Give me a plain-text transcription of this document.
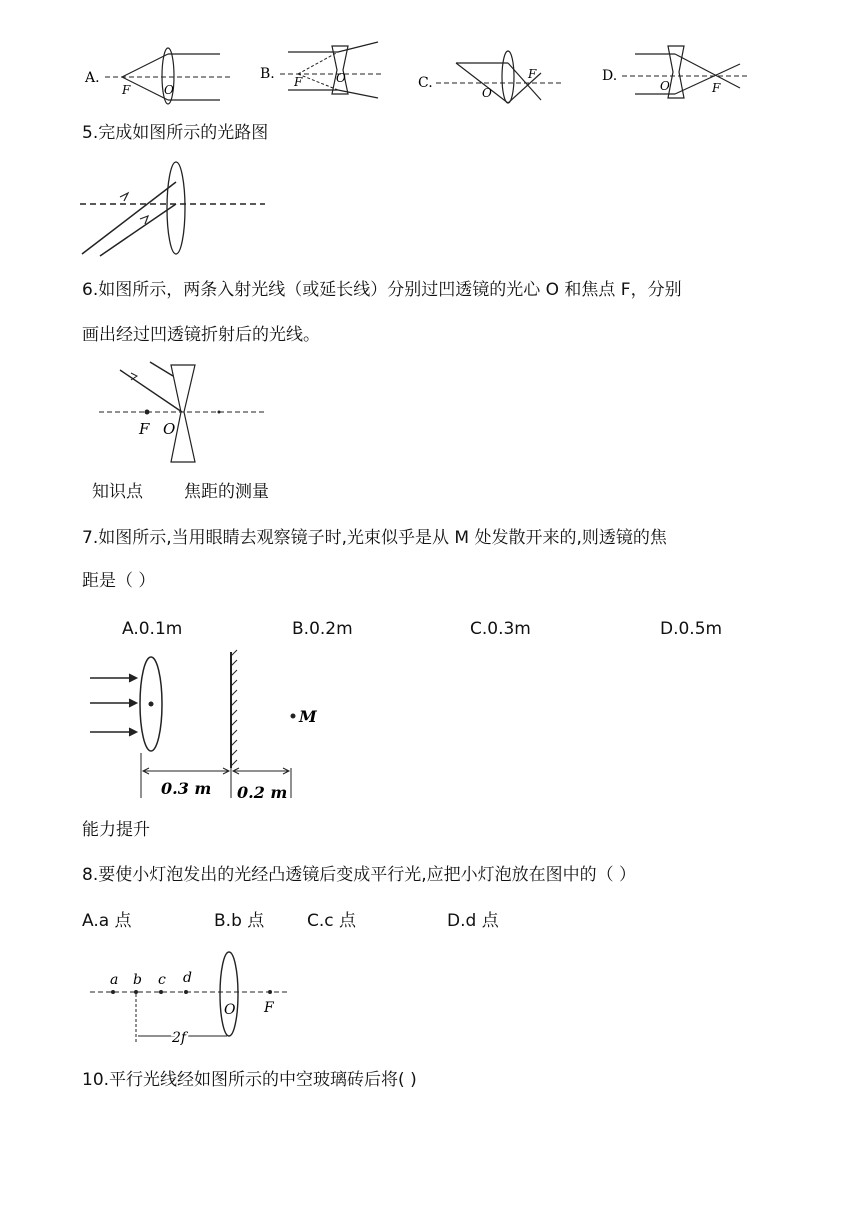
A.
F	O
B. F	O	C.
F
O
D.
F
O
5.完成如图所示的光路图
6.如图所示，两条入射光线（或延长线）分别过凹透镜的光心 O 和焦点 F，分别
画出经过凹透镜折射后的光线。
F O
知识点 焦距的测量
7.如图所示,当用眼睛去观察镜子时,光束似乎是从 M 处发散开来的,则透镜的焦
距是（ ）
A.0.1m	B.0.2m	C.0.3m	D.0.5m
M
0.3 m 0.2 m
能力提升
8.要使小灯泡发出的光经凸透镜后变成平行光,应把小灯泡放在图中的（ ）
A.a 点	B.b 点	C.c 点	D.d 点
a b c d
O F
2f
10.平行光线经如图所示的中空玻璃砖后将( )
